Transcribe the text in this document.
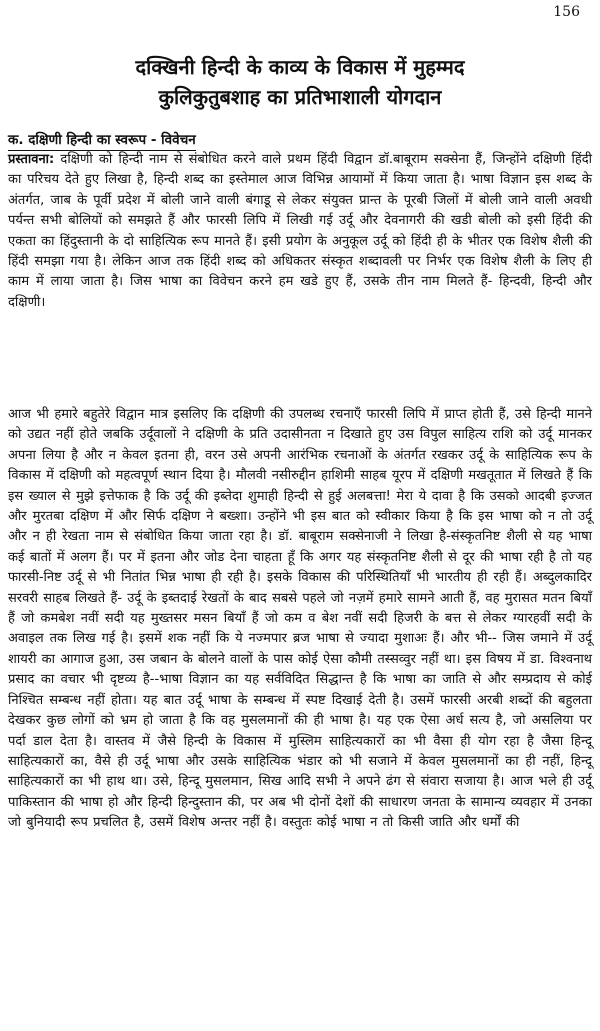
156
दक्खिनी हिन्दी के काव्य के विकास में मुहम्मद
कुलिकुतुबशाह का प्रतिभाशाली योगदान
क. दक्षिणी हिन्दी का स्वरूप - विवेचन

प्रस्तावना: दक्षिणी को हिन्दी नाम से संबोधित करने वाले प्रथम हिंदी विद्वान डॉ.बाबूराम सक्सेना हैं, जिन्होंने दक्षिणी हिंदी का परिचय देते हुए लिखा है, हिन्दी शब्द का इस्तेमाल आज विभिन्न आयामों में किया जाता है। भाषा विज्ञान इस शब्द के अंतर्गत, जाब के पूर्वी प्रदेश में बोली जाने वाली बंगाडू से लेकर संयुक्त प्रान्त के पूरबी जिलों में बोली जाने वाली अवधी पर्यन्त सभी बोलियों को समझते हैं और फारसी लिपि में लिखी गई उर्दू और देवनागरी की खडी बोली को इसी हिंदी की एकता का हिंदुस्तानी के दो साहित्यिक रूप मानते हैं। इसी प्रयोग के अनुकूल उर्दू को हिंदी ही के भीतर एक विशेष शैली की हिंदी समझा गया है। लेकिन आज तक हिंदी शब्द को अधिकतर संस्कृत शब्दावली पर निर्भर एक विशेष शैली के लिए ही काम में लाया जाता है। जिस भाषा का विवेचन करने हम खडे हुए हैं, उसके तीन नाम मिलते हैं- हिन्दवी, हिन्दी और दक्षिणी।

आज भी हमारे बहुतेरे विद्वान मात्र इसलिए कि दक्षिणी की उपलब्ध रचनाएँ फारसी लिपि में प्राप्त होती हैं, उसे हिन्दी मानने को उद्यत नहीं होते जबकि उर्दूवालों ने दक्षिणी के प्रति उदासीनता न दिखाते हुए उस विपुल साहित्य राशि को उर्दू मानकर अपना लिया है और न केवल इतना ही, वरन उसे अपनी आरंभिक रचनाओं के अंतर्गत रखकर उर्दू के साहित्यिक रूप के विकास में दक्षिणी को महत्वपूर्ण स्थान दिया है। मौलवी नसीरुद्दीन हाशिमी साहब यूरप में दक्षिणी मखतूतात में लिखते हैं कि इस ख्याल से मुझे इत्तेफाक है कि उर्दू की इब्तेदा शुमाही हिन्दी से हुई अलबत्ता! मेरा ये दावा है कि उसको आदबी इज्जत और मुरतबा दक्षिण में और सिर्फ दक्षिण ने बख्शा। उन्होंने भी इस बात को स्वीकार किया है कि इस भाषा को न तो उर्दू और न ही रेखता नाम से संबोधित किया जाता रहा है। डॉ. बाबूराम सक्सेनाजी ने लिखा है-संस्कृतनिष्ट शैली से यह भाषा कई बातों में अलग हैं। पर में इतना और जोड देना चाहता हूँ कि अगर यह संस्कृतनिष्ट शैली से दूर की भाषा रही है तो यह फारसी-निष्ट उर्दू से भी नितांत भिन्न भाषा ही रही है। इसके विकास की परिस्थितियाँ भी भारतीय ही रही हैं। अब्दुलकादिर सरवरी साहब लिखते हैं- उर्दू के इब्तदाई रेखतों के बाद सबसे पहले जो नज़में हमारे सामने आती हैं, वह मुरासत मतन बियाँ हैं जो कमबेश नवीं सदी यह मुख्तसर मसन बियाँ हैं जो कम व बेश नवीं सदी हिजरी के बत्त से लेकर ग्यारहवीं सदी के अवाइल तक लिख गई है। इसमें शक नहीं कि ये नज्मपार ब्रज भाषा से ज्यादा मुशाअः हैं। और भी-- जिस जमाने में उर्दू शायरी का आगाज हुआ, उस जबान के बोलने वालों के पास कोई ऐसा कौमी तस्सव्वुर नहीं था। इस विषय में डा. विश्वनाथ प्रसाद का वचार भी दृष्टव्य है--भाषा विज्ञान का यह सर्वविदित सिद्धान्त है कि भाषा का जाति से और सम्प्रदाय से कोई निश्चित सम्बन्ध नहीं होता। यह बात उर्दू भाषा के सम्बन्ध में स्पष्ट दिखाई देती है। उसमें फारसी अरबी शब्दों की बहुलता देखकर कुछ लोगों को भ्रम हो जाता है कि वह मुसलमानों की ही भाषा है। यह एक ऐसा अर्ध सत्य है, जो असलिया पर पर्दा डाल देता है। वास्तव में जैसे हिन्दी के विकास में मुस्लिम साहित्यकारों का भी वैसा ही योग रहा है जैसा हिन्दू साहित्यकारों का, वैसे ही उर्दू भाषा और उसके साहित्यिक भंडार को भी सजाने में केवल मुसलमानों का ही नहीं, हिन्दू साहित्यकारों का भी हाथ था। उसे, हिन्दू मुसलमान, सिख आदि सभी ने अपने ढंग से संवारा सजाया है। आज भले ही उर्दू पाकिस्तान की भाषा हो और हिन्दी हिन्दुस्तान की, पर अब भी दोनों देशों की साधारण जनता के सामान्य व्यवहार में उनका जो बुनियादी रूप प्रचलित है, उसमें विशेष अन्तर नहीं है। वस्तुतः कोई भाषा न तो किसी जाति और धर्मों की
